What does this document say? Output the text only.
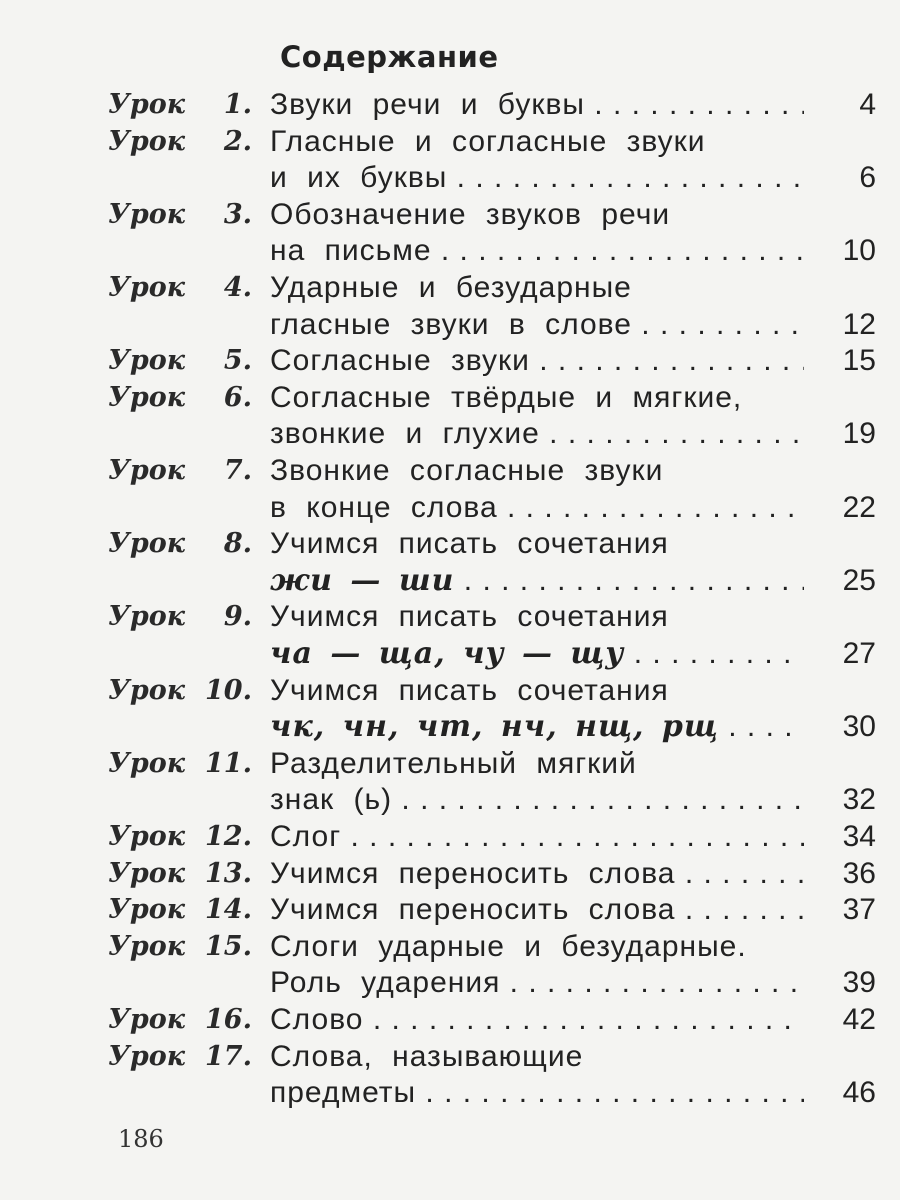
Содержание
Урок	1. Звуки речи и буквы . . .	4
Урок	2. Гласные и согласные звуки
и их буквы . . .	6
Урок	3. Обозначение звуков речи
на письме . . .	10
Урок	4. Ударные и безударные
гласные звуки в слове . . .	12
Урок	5. Согласные звуки . . .	15
Урок	6. Согласные твёрдые и мягкие,
звонкие и глухие . . .	19
Урок	7. Звонкие согласные звуки
в конце слова . . .	22
Урок	8. Учимся писать сочетания
жи — ши . . .	25
Урок	9. Учимся писать сочетания
ча — ща, чу — щу . . .	27
Урок 10. Учимся писать сочетания
чк, чн, чт, нч, нщ, рщ . . .	30
Урок 11. Разделительный мягкий
знак (ь) . . .	32
Урок 12. Слог . . .	34
Урок 13. Учимся переносить слова . . .	36
Урок 14. Учимся переносить слова . . .	37
Урок 15. Слоги ударные и безударные.
Роль ударения . . .	39
Урок 16. Слово . . .	42
Урок 17. Слова, называющие
предметы . . .	46
186
